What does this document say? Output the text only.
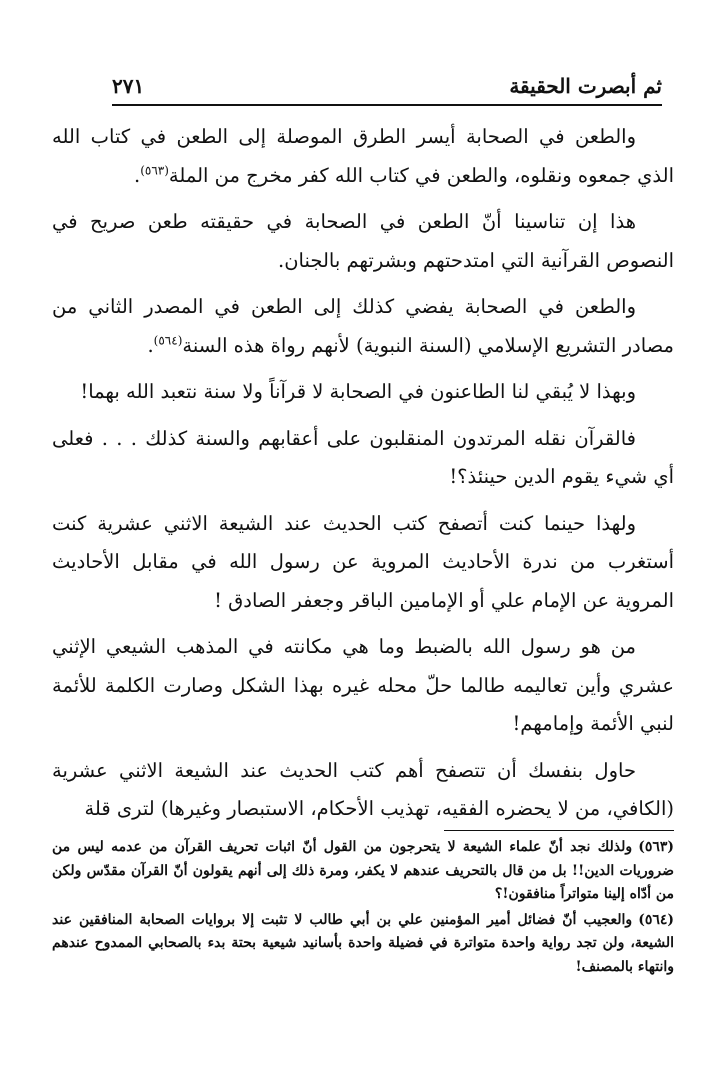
ثم أبصرت الحقيقة
٢٧١

والطعن في الصحابة أيسر الطرق الموصلة إلى الطعن في كتاب الله الذي جمعوه ونقلوه، والطعن في كتاب الله كفر مخرج من الملة$^{(٥٦٣)}$.

هذا إن تناسينا أنّ الطعن في الصحابة في حقيقته طعن صريح في النصوص القرآنية التي امتدحتهم وبشرتهم بالجنان.

والطعن في الصحابة يفضي كذلك إلى الطعن في المصدر الثاني من مصادر التشريع الإسلامي (السنة النبوية) لأنهم رواة هذه السنة$^{(٥٦٤)}$.

وبهذا لا يُبقي لنا الطاعنون في الصحابة لا قرآناً ولا سنة نتعبد الله بهما!

فالقرآن نقله المرتدون المنقلبون على أعقابهم والسنة كذلك . . . فعلى أي شيء يقوم الدين حينئذ؟!

ولهذا حينما كنت أتصفح كتب الحديث عند الشيعة الاثني عشرية كنت أستغرب من ندرة الأحاديث المروية عن رسول الله في مقابل الأحاديث المروية عن الإمام علي أو الإمامين الباقر وجعفر الصادق !

من هو رسول الله بالضبط وما هي مكانته في المذهب الشيعي الإثني عشري وأين تعاليمه طالما حلّ محله غيره بهذا الشكل وصارت الكلمة للأئمة لنبي الأئمة وإمامهم!

حاول بنفسك أن تتصفح أهم كتب الحديث عند الشيعة الاثني عشرية (الكافي، من لا يحضره الفقيه، تهذيب الأحكام، الاستبصار وغيرها) لترى قلة

(٥٦٣)ولذلك نجد أنّ علماء الشيعة لا يتحرجون من القول أنّ اثبات تحريف القرآن من عدمه ليس من ضروريات الدين!! بل من قال بالتحريف عندهم لا يكفر، ومرة ذلك إلى أنهم يقولون أنّ القرآن مقدّس ولكن من أدّاه إلينا متواتراً منافقون!؟

(٥٦٤)والعجيب أنّ فضائل أمير المؤمنين علي بن أبي طالب لا تثبت إلا بروايات الصحابة المنافقين عند الشيعة، ولن تجد رواية واحدة متواترة في فضيلة واحدة بأسانيد شيعية بحتة بدء بالصحابي الممدوح عندهم وانتهاء بالمصنف!
